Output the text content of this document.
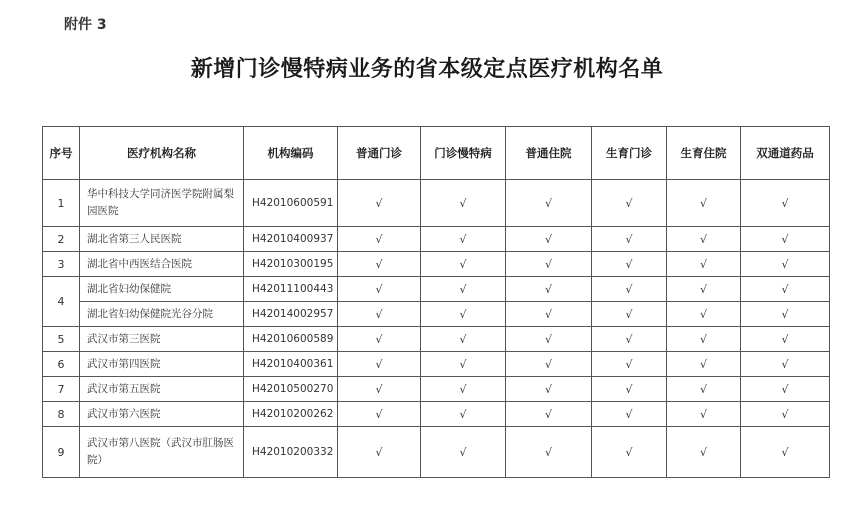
附件 3
新增门诊慢特病业务的省本级定点医疗机构名单
序号	医疗机构名称	机构编码	普通门诊	门诊慢特病	普通住院	生育门诊	生育住院	双通道药品
1	华中科技大学同济医学院附属梨园医院	H42010600591	√	√	√	√	√	√
2	湖北省第三人民医院	H42010400937	√	√	√	√	√	√
3	湖北省中西医结合医院	H42010300195	√	√	√	√	√	√
4	湖北省妇幼保健院	H42011100443	√	√	√	√	√	√
	湖北省妇幼保健院光谷分院	H42014002957	√	√	√	√	√	√
5	武汉市第三医院	H42010600589	√	√	√	√	√	√
6	武汉市第四医院	H42010400361	√	√	√	√	√	√
7	武汉市第五医院	H42010500270	√	√	√	√	√	√
8	武汉市第六医院	H42010200262	√	√	√	√	√	√
9	武汉市第八医院（武汉市肛肠医院）	H42010200332	√	√	√	√	√	√
